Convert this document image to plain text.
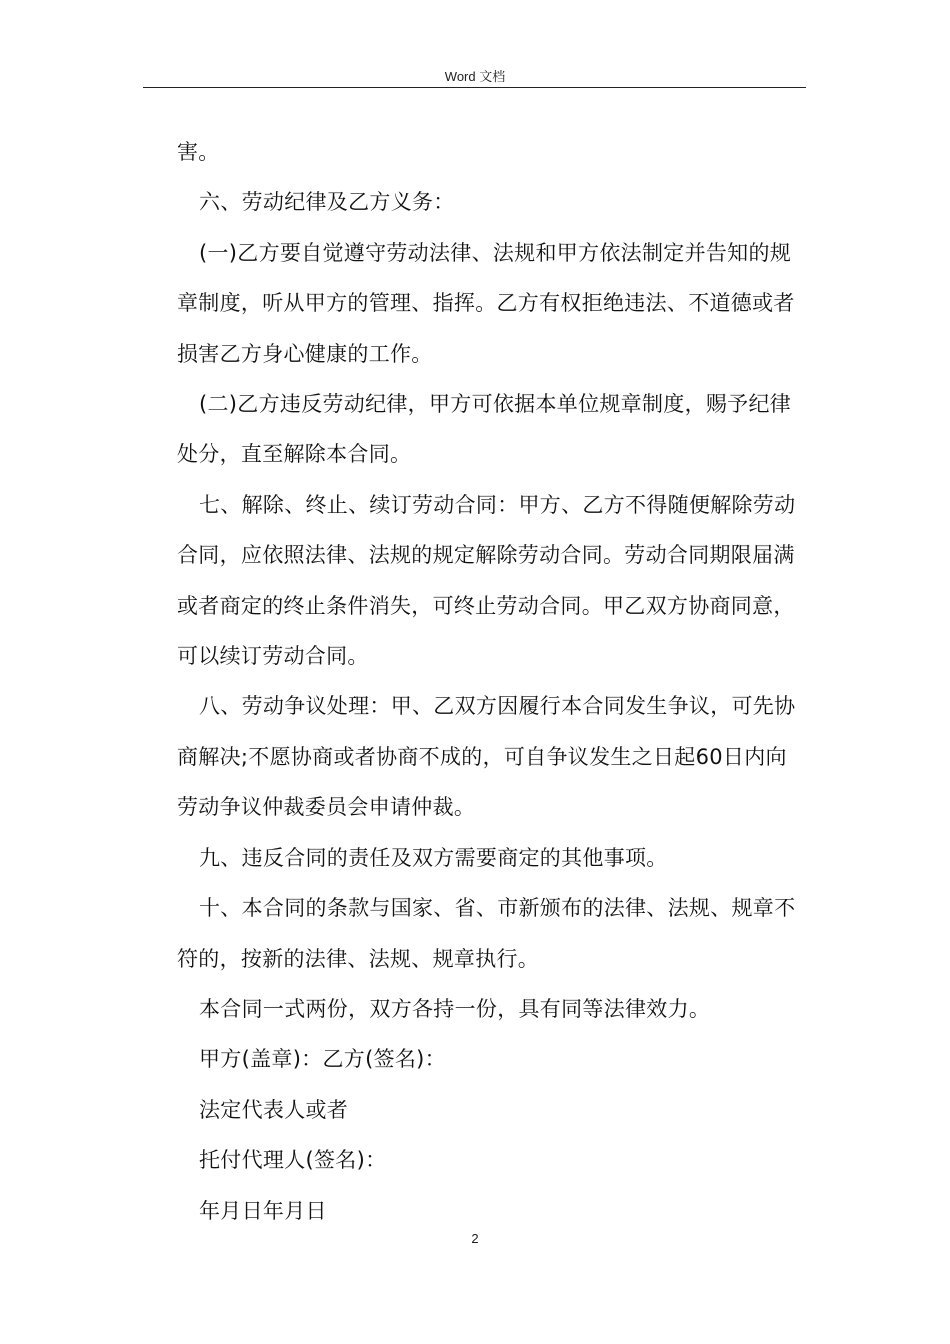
Word 文档

害。

六、劳动纪律及乙方义务：

(一)乙方要自觉遵守劳动法律、法规和甲方依法制定并告知的规章制度，听从甲方的管理、指挥。乙方有权拒绝违法、不道德或者损害乙方身心健康的工作。

(二)乙方违反劳动纪律，甲方可依据本单位规章制度，赐予纪律处分，直至解除本合同。

七、解除、终止、续订劳动合同：甲方、乙方不得随便解除劳动合同，应依照法律、法规的规定解除劳动合同。劳动合同期限届满或者商定的终止条件消失，可终止劳动合同。甲乙双方协商同意，可以续订劳动合同。

八、劳动争议处理：甲、乙双方因履行本合同发生争议，可先协商解决;不愿协商或者协商不成的，可自争议发生之日起60日内向劳动争议仲裁委员会申请仲裁。

九、违反合同的责任及双方需要商定的其他事项。

十、本合同的条款与国家、省、市新颁布的法律、法规、规章不符的，按新的法律、法规、规章执行。

本合同一式两份，双方各持一份，具有同等法律效力。

甲方(盖章)：乙方(签名)：

法定代表人或者

托付代理人(签名)：

年月日年月日

2
